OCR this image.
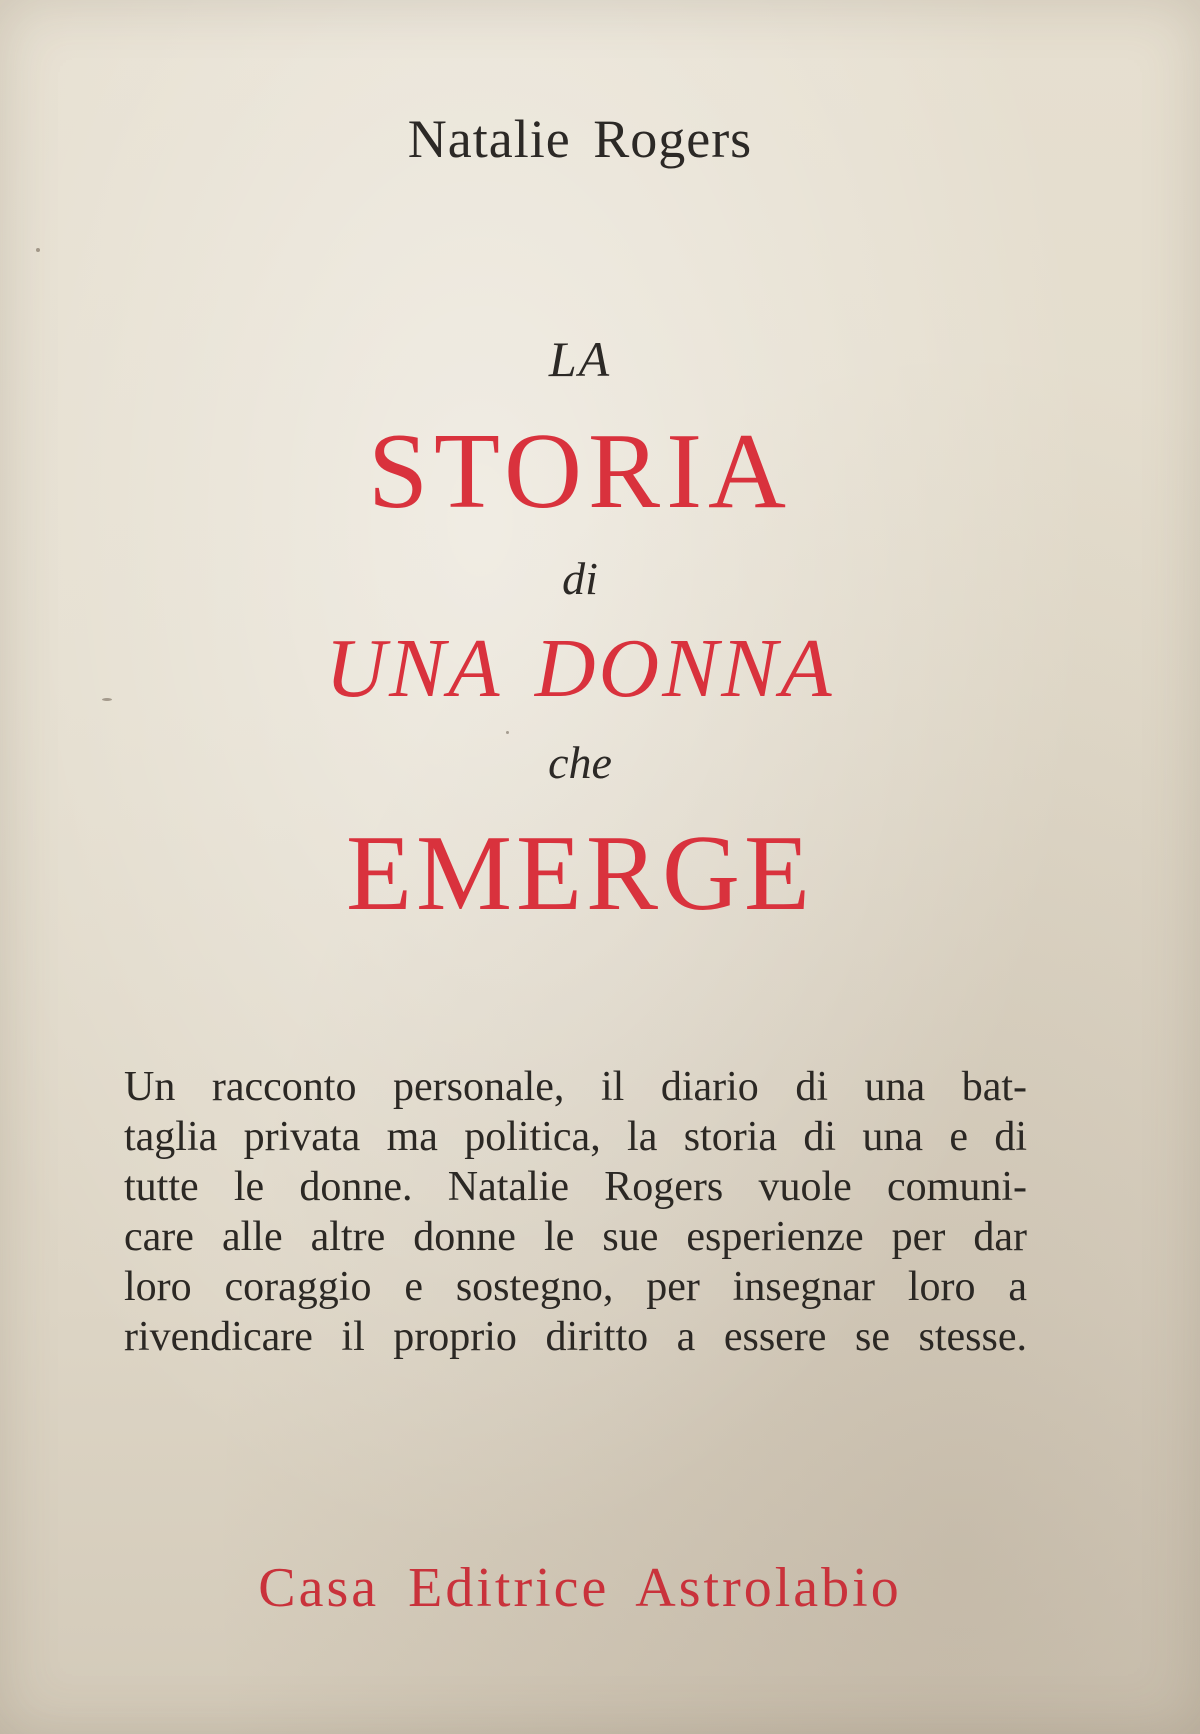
Natalie Rogers
LA
STORIA
di
UNA DONNA
che
EMERGE
Un racconto personale, il diario di una bat-
taglia privata ma politica, la storia di una e di
tutte le donne. Natalie Rogers vuole comuni-
care alle altre donne le sue esperienze per dar
loro coraggio e sostegno, per insegnar loro a
rivendicare il proprio diritto a essere se stesse.
Casa Editrice Astrolabio
